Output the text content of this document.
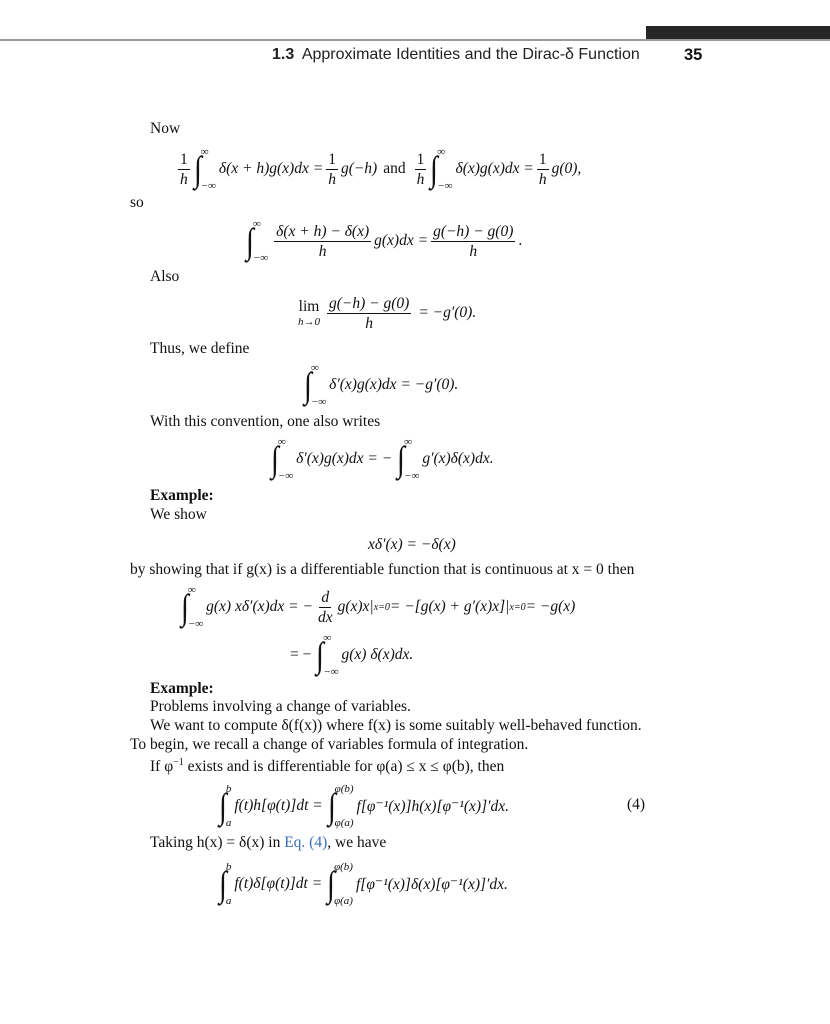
1.3 Approximate Identities and the Dirac-δ Function	35
Now
$\frac{1}{h}$ ∫
∞
−∞
$\delta(x + h)g(x)dx = \frac{1}{h} g(-h)$ and $\frac{1}{h}$ ∫
∞
−∞
$\delta(x)g(x)dx = \frac{1}{h} g(0)$,
so
∫
∞
−∞ $\frac{\delta(x + h) - \delta(x)}{h} g(x)dx = \frac{g(-h) - g(0)}{h}$ .
Also
lim
$h\to 0 \frac{g(-h) - g(0)}{h} = -g'(0)$.
Thus, we define
∫
∞
−∞
δ′(x)g(x)dx = −g′(0).
With this convention, one also writes
∫
∞
−∞
δ′(x)g(x)dx = − ∫
∞
−∞
g′(x)δ(x)dx.
Example:
We show
xδ′(x) = −δ(x)
by showing that if g(x) is a differentiable function that is continuous at x = 0 then
∫
∞
−∞
g(x) xδ′(x)dx = − $\frac{d}{dx} g(x)x|$ x=0 = −[g(x) + g′(x)x]| x=0 = −g(x)
= − ∫
∞
−∞
g(x) δ(x)dx.
Example:
Problems involving a change of variables.
We want to compute δ(f(x)) where f(x) is some suitably well-behaved function.
To begin, we recall a change of variables formula of integration.
If $\varphi^{-1}$ exists and is differentiable for φ(a) ≤ x ≤ φ(b), then
∫
b
a
f(t)h[φ(t)]dt = ∫
φ(b)
φ(a)
f[φ⁻¹(x)]h(x)[φ⁻¹(x)]′dx.	(4)
Taking h(x) = δ(x) in Eq. (4), we have
∫
b
a
f(t)δ[φ(t)]dt = ∫
φ(b)
φ(a)
f[φ⁻¹(x)]δ(x)[φ⁻¹(x)]′dx.
